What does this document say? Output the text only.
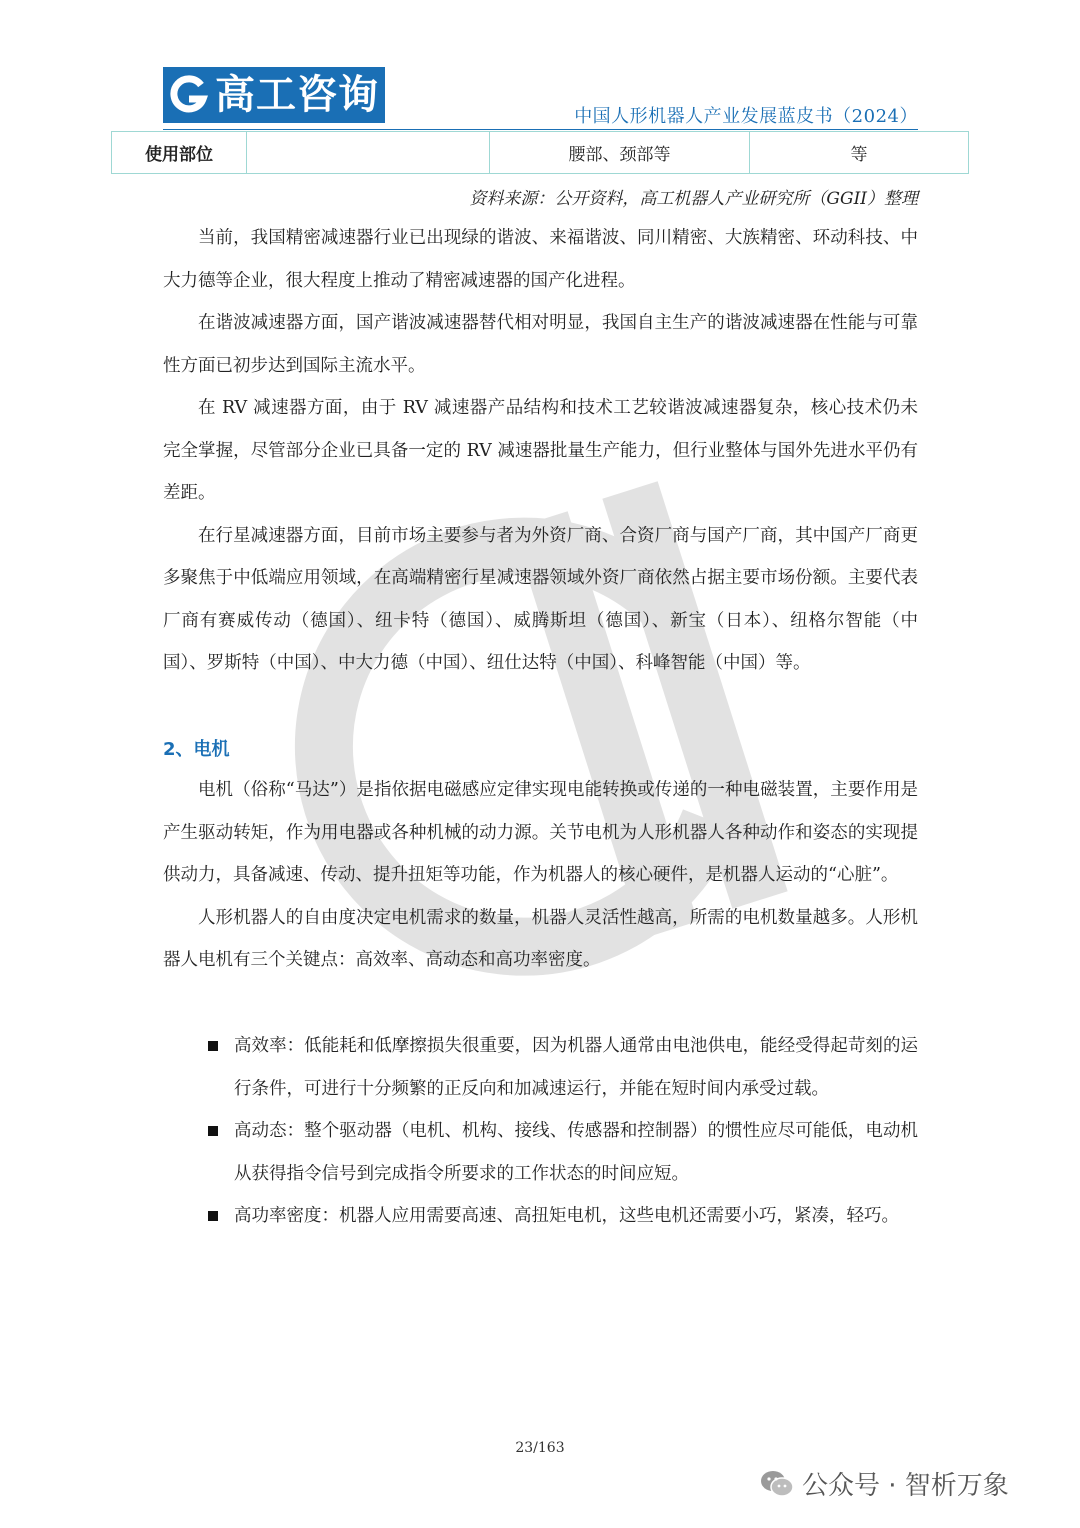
高工咨询	中国人形机器人产业发展蓝皮书（2024）
使用部位		腰部、颈部等	等
资料来源：公开资料，高工机器人产业研究所（GGII）整理

当前，我国精密减速器行业已出现绿的谐波、来福谐波、同川精密、大族精密、环动科技、中大力德等企业，很大程度上推动了精密减速器的国产化进程。

在谐波减速器方面，国产谐波减速器替代相对明显，我国自主生产的谐波减速器在性能与可靠性方面已初步达到国际主流水平。

在 RV 减速器方面，由于 RV 减速器产品结构和技术工艺较谐波减速器复杂，核心技术仍未完全掌握，尽管部分企业已具备一定的 RV 减速器批量生产能力，但行业整体与国外先进水平仍有差距。

在行星减速器方面，目前市场主要参与者为外资厂商、合资厂商与国产厂商，其中国产厂商更多聚焦于中低端应用领域，在高端精密行星减速器领域外资厂商依然占据主要市场份额。主要代表厂商有赛威传动（德国）、纽卡特（德国）、威腾斯坦（德国）、新宝（日本）、纽格尔智能（中国）、罗斯特（中国）、中大力德（中国）、纽仕达特（中国）、科峰智能（中国）等。

2、电机

电机（俗称“马达”）是指依据电磁感应定律实现电能转换或传递的一种电磁装置，主要作用是产生驱动转矩，作为用电器或各种机械的动力源。关节电机为人形机器人各种动作和姿态的实现提供动力，具备减速、传动、提升扭矩等功能，作为机器人的核心硬件，是机器人运动的“心脏”。

人形机器人的自由度决定电机需求的数量，机器人灵活性越高，所需的电机数量越多。人形机器人电机有三个关键点：高效率、高动态和高功率密度。

高效率：低能耗和低摩擦损失很重要，因为机器人通常由电池供电，能经受得起苛刻的运行条件，可进行十分频繁的正反向和加减速运行，并能在短时间内承受过载。
高动态：整个驱动器（电机、机构、接线、传感器和控制器）的惯性应尽可能低，电动机从获得指令信号到完成指令所要求的工作状态的时间应短。
高功率密度：机器人应用需要高速、高扭矩电机，这些电机还需要小巧，紧凑，轻巧。
23/163
公众号 · 智析万象
